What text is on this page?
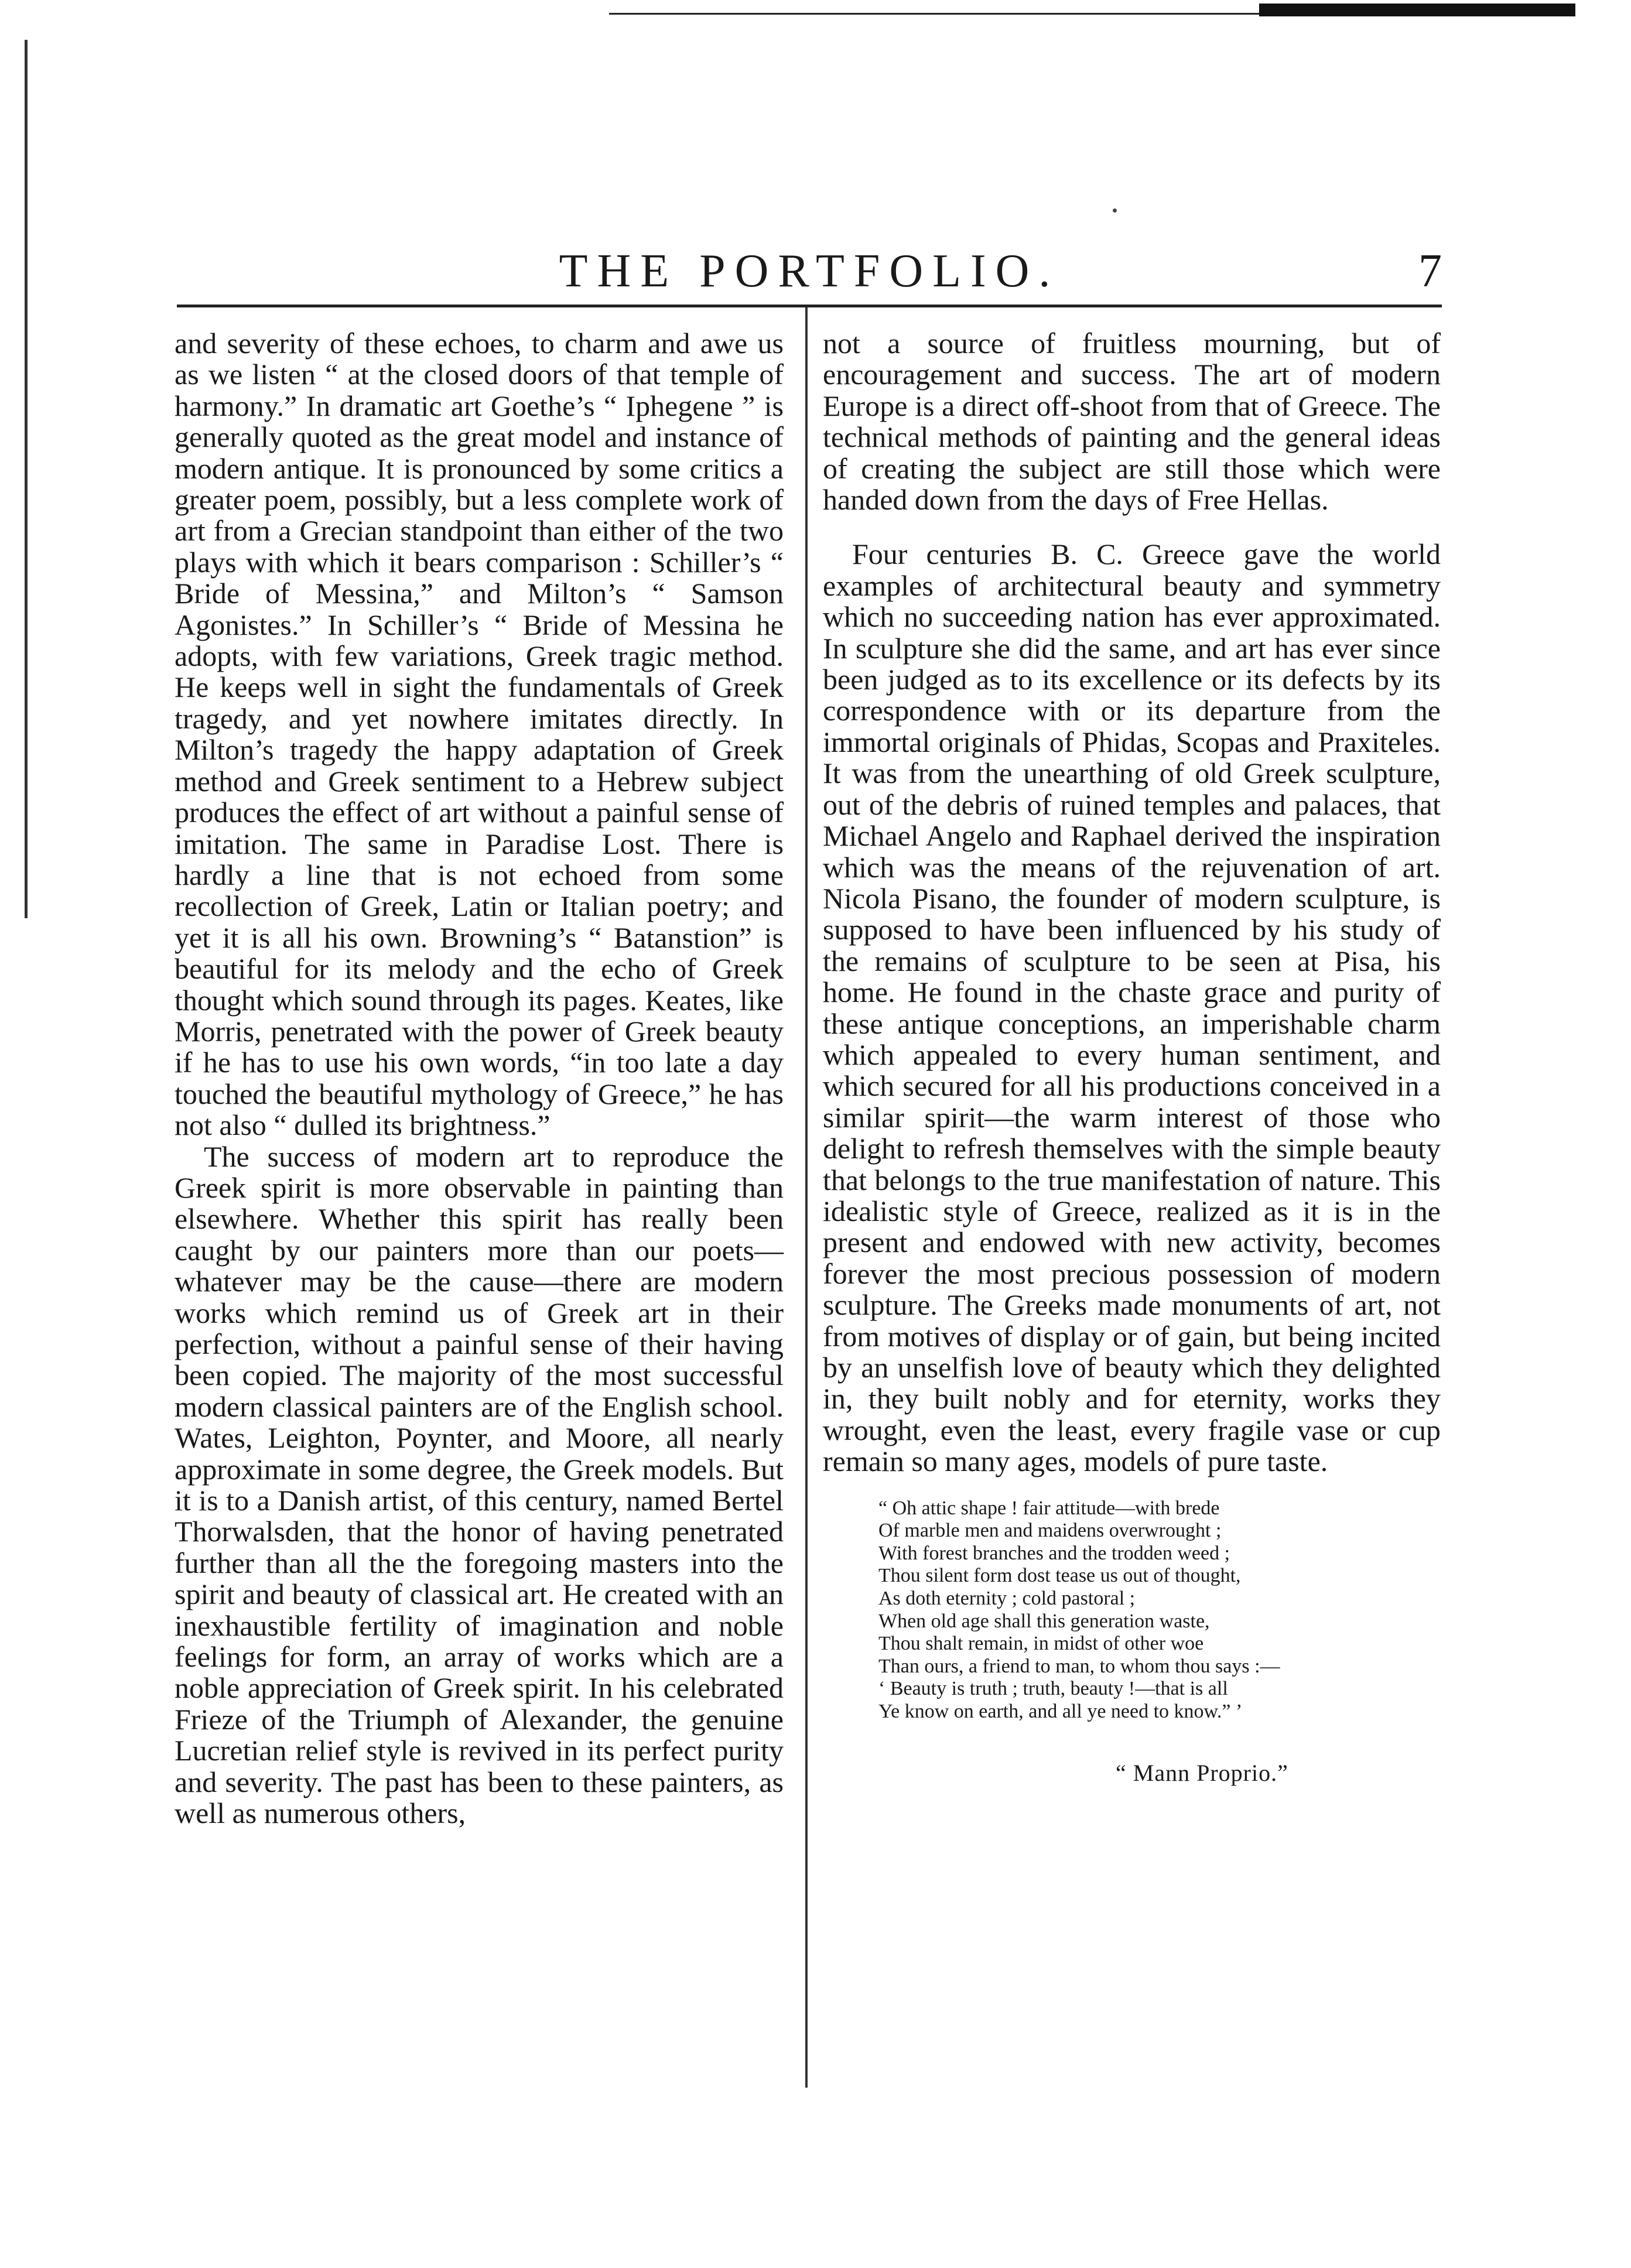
THE PORTFOLIO.	7

and severity of these echoes, to charm and awe us as we listen “ at the closed doors of that temple of harmony.” In dramatic art Goethe’s “ Iphegene ” is generally quoted as the great model and instance of modern antique. It is pronounced by some critics a greater poem, possibly, but a less complete work of art from a Grecian standpoint than either of the two plays with which it bears comparison : Schiller’s “ Bride of Messina,” and Milton’s “ Samson Agonistes.” In Schiller’s “ Bride of Messina he adopts, with few variations, Greek tragic method. He keeps well in sight the fundamentals of Greek tragedy, and yet nowhere imitates directly. In Milton’s tragedy the happy adaptation of Greek method and Greek sentiment to a Hebrew subject produces the effect of art without a painful sense of imitation. The same in Paradise Lost. There is hardly a line that is not echoed from some recollection of Greek, Latin or Italian poetry; and yet it is all his own. Browning’s “ Batanstion” is beautiful for its melody and the echo of Greek thought which sound through its pages. Keates, like Morris, penetrated with the power of Greek beauty if he has to use his own words, “in too late a day touched the beautiful mythology of Greece,” he has not also “ dulled its brightness.”

The success of modern art to reproduce the Greek spirit is more observable in painting than elsewhere. Whether this spirit has really been caught by our painters more than our poets—whatever may be the cause—there are modern works which remind us of Greek art in their perfection, without a painful sense of their having been copied. The majority of the most successful modern classical painters are of the English school. Wates, Leighton, Poynter, and Moore, all nearly approximate in some degree, the Greek models. But it is to a Danish artist, of this century, named Bertel Thorwalsden, that the honor of having penetrated further than all the the foregoing masters into the spirit and beauty of classical art. He created with an inexhaustible fertility of imagination and noble feelings for form, an array of works which are a noble appreciation of Greek spirit. In his celebrated Frieze of the Triumph of Alexander, the genuine Lucretian relief style is revived in its perfect purity and severity. The past has been to these painters, as well as numerous others,

not a source of fruitless mourning, but of encouragement and success. The art of modern Europe is a direct off-shoot from that of Greece. The technical methods of painting and the general ideas of creating the subject are still those which were handed down from the days of Free Hellas.

Four centuries B. C. Greece gave the world examples of architectural beauty and symmetry which no succeeding nation has ever approximated. In sculpture she did the same, and art has ever since been judged as to its excellence or its defects by its correspondence with or its departure from the immortal originals of Phidas, Scopas and Praxiteles. It was from the unearthing of old Greek sculpture, out of the debris of ruined temples and palaces, that Michael Angelo and Raphael derived the inspiration which was the means of the rejuvenation of art. Nicola Pisano, the founder of modern sculpture, is supposed to have been influenced by his study of the remains of sculpture to be seen at Pisa, his home. He found in the chaste grace and purity of these antique conceptions, an imperishable charm which appealed to every human sentiment, and which secured for all his productions conceived in a similar spirit—the warm interest of those who delight to refresh themselves with the simple beauty that belongs to the true manifestation of nature. This idealistic style of Greece, realized as it is in the present and endowed with new activity, becomes forever the most precious possession of modern sculpture. The Greeks made monuments of art, not from motives of display or of gain, but being incited by an unselfish love of beauty which they delighted in, they built nobly and for eternity, works they wrought, even the least, every fragile vase or cup remain so many ages, models of pure taste.

“ Oh attic shape ! fair attitude—with brede
Of marble men and maidens overwrought ;
With forest branches and the trodden weed ;
Thou silent form dost tease us out of thought,
As doth eternity ; cold pastoral ;
When old age shall this generation waste,
Thou shalt remain, in midst of other woe
Than ours, a friend to man, to whom thou says :—
‘ Beauty is truth ; truth, beauty !—that is all
Ye know on earth, and all ye need to know.” ’
“ Mann Proprio.”
